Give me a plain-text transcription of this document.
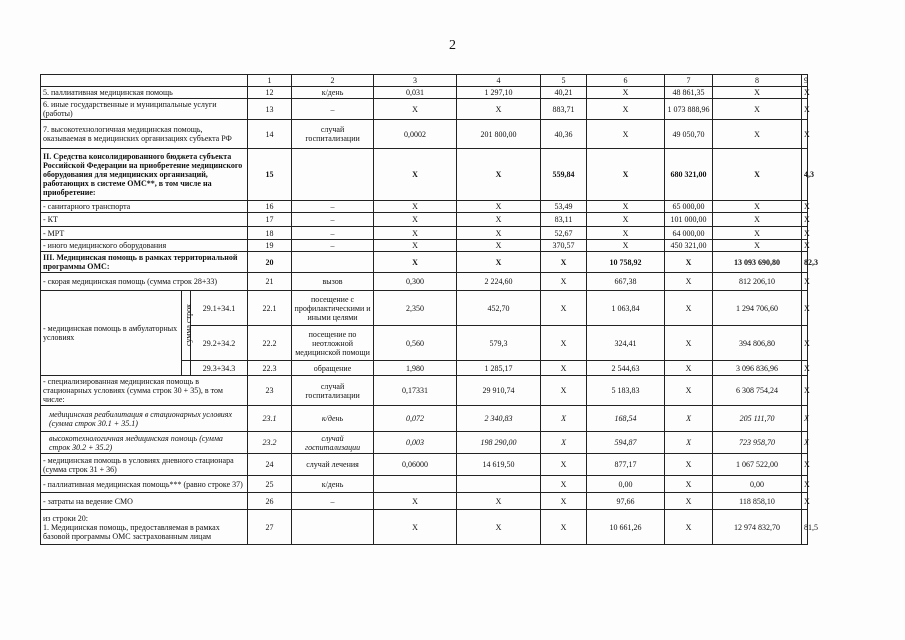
2
			1	2	3	4	5	6	7	8	9
5. паллиативная медицинская помощь			12	к/день	0,031	1 297,10	40,21	Х	48 861,35	Х	Х
6. иные государственные и муниципальные услуги (работы)			13	–	Х	Х	883,71	Х	1 073 888,96	Х	Х
7. высокотехнологичная медицинская помощь, оказываемая в медицинских организациях субъекта РФ			14	случай госпитализации	0,0002	201 800,00	40,36	Х	49 050,70	Х	Х
II. Средства консолидированного бюджета субъекта Российской Федерации на приобретение медицинского оборудования для медицинских организаций, работающих в системе ОМС**, в том числе на приобретение:			15		Х	Х	559,84	Х	680 321,00	Х	4,3
- санитарного транспорта			16	–	Х	Х	53,49	Х	65 000,00	Х	Х
- КТ			17	–	Х	Х	83,11	Х	101 000,00	Х	Х
- МРТ			18	–	Х	Х	52,67	Х	64 000,00	Х	Х
- иного медицинского оборудования			19	–	Х	Х	370,57	Х	450 321,00	Х	Х
III. Медицинская помощь в рамках территориальной программы ОМС:			20		Х	Х	Х	10 758,92	Х	13 093 690,80	82,3
- скорая медицинская помощь (сумма строк 28+33)			21	вызов	0,300	2 224,60	Х	667,38	Х	812 206,10	Х
- медицинская помощь в амбулаторных условиях	сумма строк	29.1+34.1	22.1	посещение с профилактическими и иными целями	2,350	452,70	Х	1 063,84	Х	1 294 706,60	Х
		29.2+34.2	22.2	посещение по неотложной медицинской помощи	0,560	579,3	Х	324,41	Х	394 806,80	Х
		29.3+34.3	22.3	обращение	1,980	1 285,17	Х	2 544,63	Х	3 096 836,96	Х
- специализированная медицинская помощь в стационарных условиях (сумма строк 30 + 35), в том числе:			23	случай госпитализации	0,17331	29 910,74	Х	5 183,83	Х	6 308 754,24	Х
медицинская реабилитация в стационарных условиях (сумма строк 30.1 + 35.1)			23.1	к/день	0,072	2 340,83	Х	168,54	Х	205 111,70	Х
высокотехнологичная медицинская помощь (сумма строк 30.2 + 35.2)			23.2	случай госпитализации	0,003	198 290,00	Х	594,87	Х	723 958,70	Х
- медицинская помощь в условиях дневного стационара (сумма строк 31 + 36)			24	случай лечения	0,06000	14 619,50	Х	877,17	Х	1 067 522,00	Х
- паллиативная медицинская помощь*** (равно строке 37)			25	к/день			Х	0,00	Х	0,00	Х
- затраты на ведение СМО			26	–	Х	Х	Х	97,66	Х	118 858,10	Х
из строки 20:
1. Медицинская помощь, предоставляемая в рамках базовой программы ОМС застрахованным лицам			27		Х	Х	Х	10 661,26	Х	12 974 832,70	81,5
